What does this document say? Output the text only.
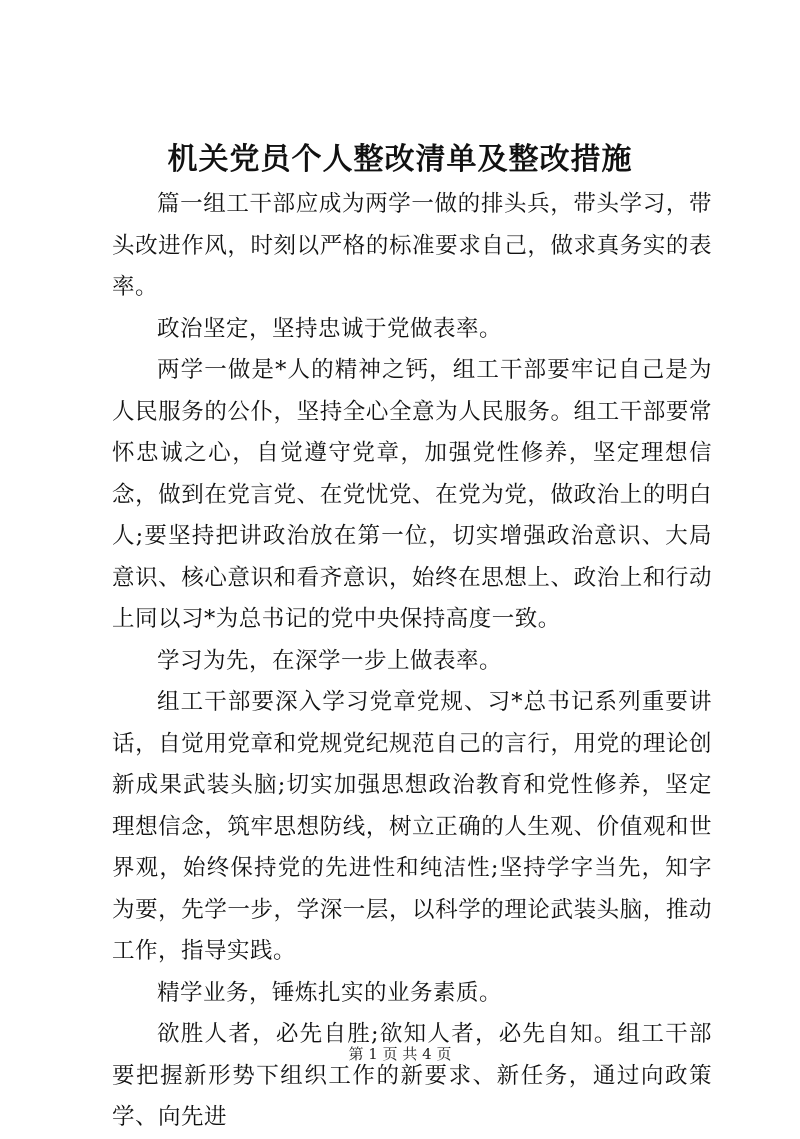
机关党员个人整改清单及整改措施

篇一组工干部应成为两学一做的排头兵，带头学习，带头改进作风，时刻以严格的标准要求自己，做求真务实的表率。

政治坚定，坚持忠诚于党做表率。

两学一做是*人的精神之钙，组工干部要牢记自己是为人民服务的公仆，坚持全心全意为人民服务。组工干部要常怀忠诚之心，自觉遵守党章，加强党性修养，坚定理想信念，做到在党言党、在党忧党、在党为党，做政治上的明白人;要坚持把讲政治放在第一位，切实增强政治意识、大局意识、核心意识和看齐意识，始终在思想上、政治上和行动上同以习*为总书记的党中央保持高度一致。

学习为先，在深学一步上做表率。

组工干部要深入学习党章党规、习*总书记系列重要讲话，自觉用党章和党规党纪规范自己的言行，用党的理论创新成果武装头脑;切实加强思想政治教育和党性修养，坚定理想信念，筑牢思想防线，树立正确的人生观、价值观和世界观，始终保持党的先进性和纯洁性;坚持学字当先，知字为要，先学一步，学深一层，以科学的理论武装头脑，推动工作，指导实践。

精学业务，锤炼扎实的业务素质。

欲胜人者，必先自胜;欲知人者，必先自知。组工干部要把握新形势下组织工作的新要求、新任务，通过向政策学、向先进

第 1 页 共 4 页
